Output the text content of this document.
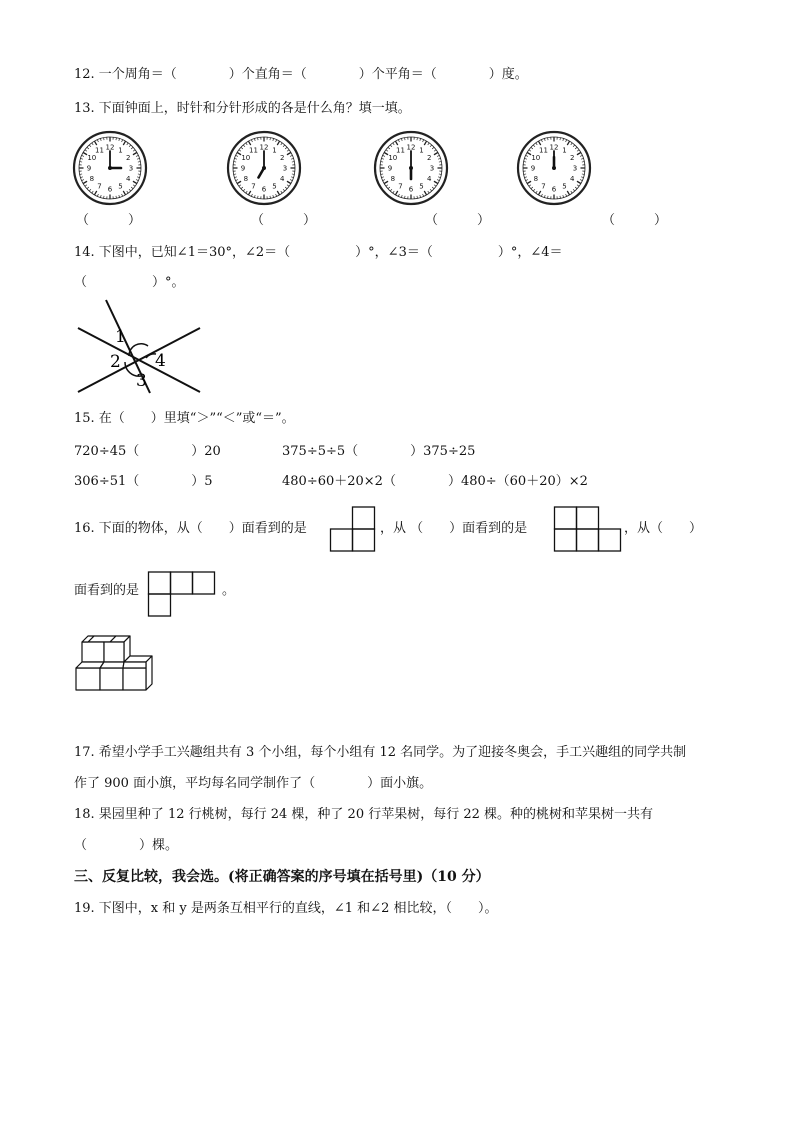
12. 一个周角＝（　　　　）个直角＝（　　　　）个平角＝（　　　　）度。
13. 下面钟面上，时针和分针形成的各是什么角？填一填。
12 1
2
3
4
5
6
7
8
9
10
11	12 1
2
3
4
5
6
7
8
9
10
11	12 1
2
3
4
5
6
7
8
9
10
11	12 1
2
3
4
5
6
7
8
9
10
11
（　　　）	（　　　）	（　　　）	（　　　）
14. 下图中，已知∠1＝30°，∠2＝（　　　　　）°，∠3＝（　　　　　）°，∠4＝
（　　　　　）°。
1
2
3
4
15. 在（　　）里填“＞”“＜”或“＝”。
720÷45（　　　　）20	375÷5÷5（　　　　）375÷25
306÷51（　　　　）5	480÷60＋20×2（　　　　）480÷（60＋20）×2
16. 下面的物体，从（　　）面看到的是	，从 （　　）面看到的是	，从（　　）
面看到的是	。
17. 希望小学手工兴趣组共有 3 个小组，每个小组有 12 名同学。为了迎接冬奥会，手工兴趣组的同学共制
作了 900 面小旗，平均每名同学制作了（　　　　）面小旗。
18. 果园里种了 12 行桃树，每行 24 棵，种了 20 行苹果树，每行 22 棵。种的桃树和苹果树一共有
（　　　　）棵。
三、反复比较，我会选。(将正确答案的序号填在括号里)（10 分）
19. 下图中，x 和 y 是两条互相平行的直线，∠1 和∠2 相比较，（　　）。
